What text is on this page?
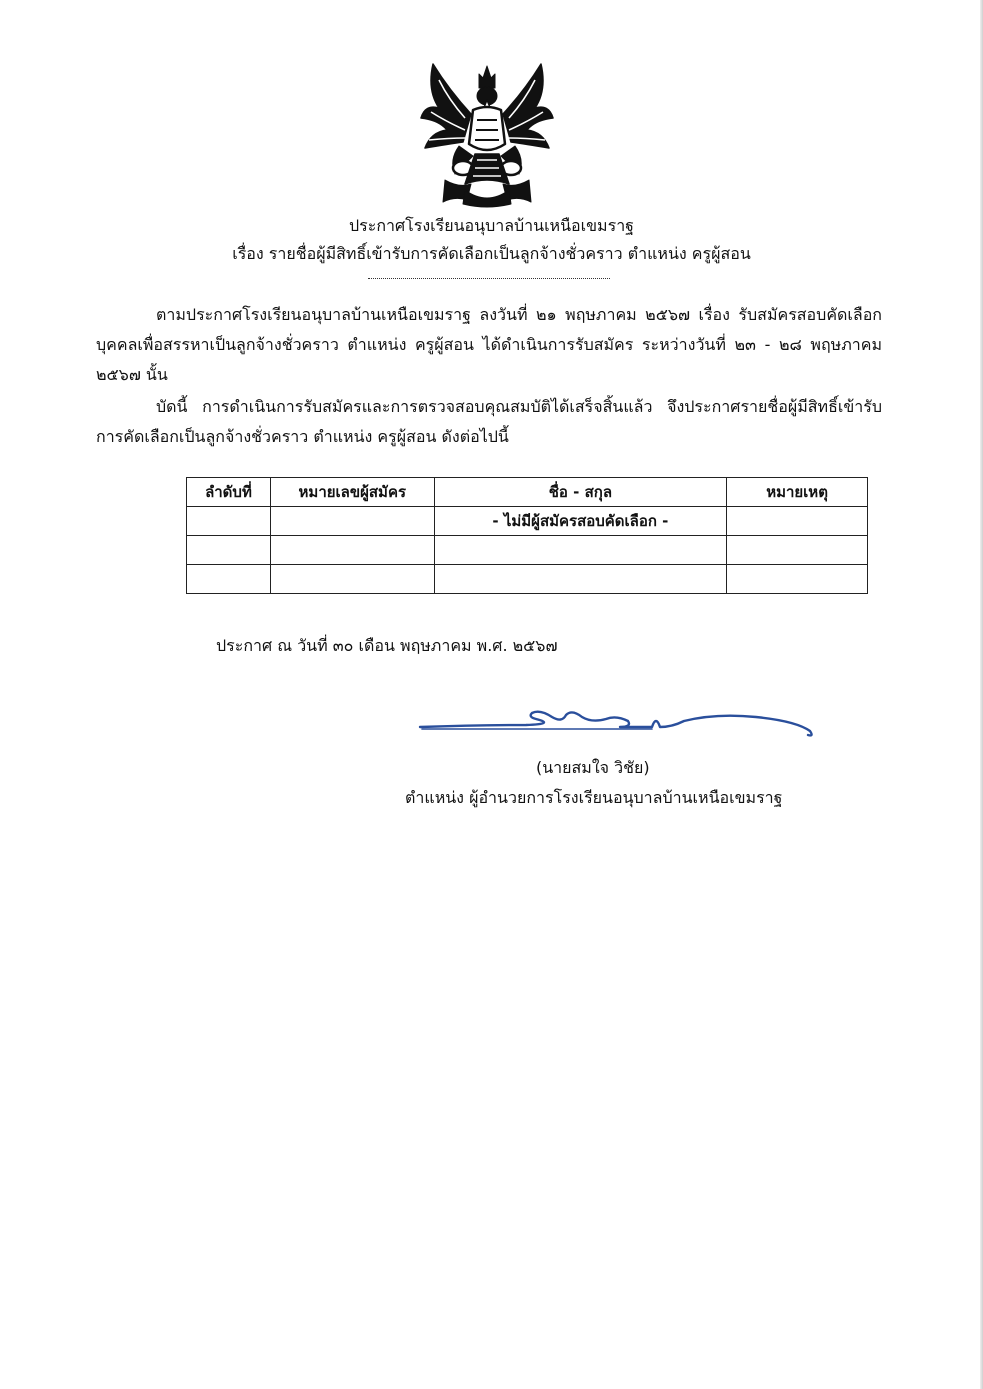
ประกาศโรงเรียนอนุบาลบ้านเหนือเขมราฐ
เรื่อง รายชื่อผู้มีสิทธิ์เข้ารับการคัดเลือกเป็นลูกจ้างชั่วคราว ตำแหน่ง ครูผู้สอน
ตามประกาศโรงเรียนอนุบาลบ้านเหนือเขมราฐ ลงวันที่ ๒๑ พฤษภาคม ๒๕๖๗ เรื่อง รับสมัครสอบคัดเลือกบุคคลเพื่อสรรหาเป็นลูกจ้างชั่วคราว ตำแหน่ง ครูผู้สอน ได้ดำเนินการรับสมัคร ระหว่างวันที่ ๒๓ - ๒๘ พฤษภาคม ๒๕๖๗ นั้น
บัดนี้ การดำเนินการรับสมัครและการตรวจสอบคุณสมบัติได้เสร็จสิ้นแล้ว จึงประกาศรายชื่อผู้มีสิทธิ์เข้ารับการคัดเลือกเป็นลูกจ้างชั่วคราว ตำแหน่ง ครูผู้สอน ดังต่อไปนี้
ลำดับที่	หมายเลขผู้สมัคร	ชื่อ - สกุล	หมายเหตุ
		- ไม่มีผู้สมัครสอบคัดเลือก -	

ประกาศ ณ วันที่ ๓๐ เดือน พฤษภาคม พ.ศ. ๒๕๖๗
(นายสมใจ วิชัย)
ตำแหน่ง ผู้อำนวยการโรงเรียนอนุบาลบ้านเหนือเขมราฐ
